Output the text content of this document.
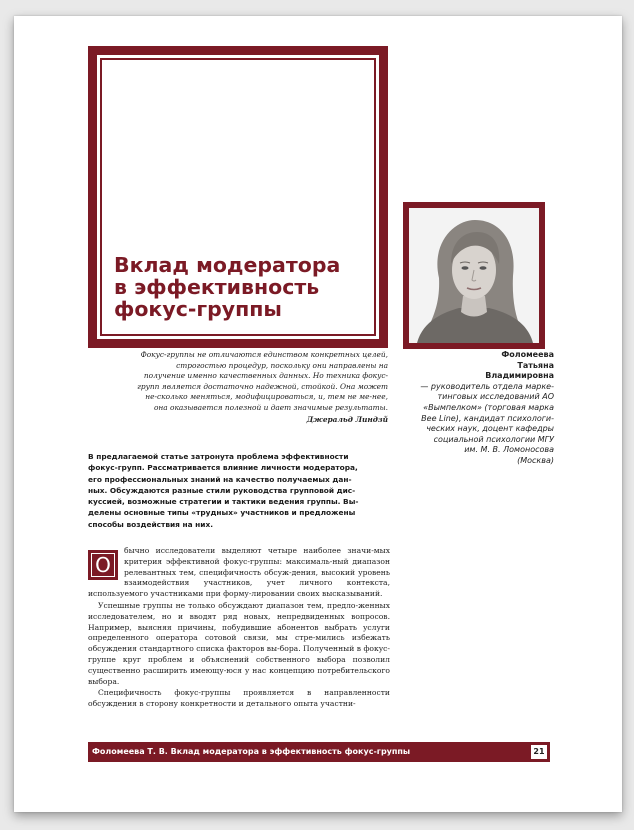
Вклад модератора
в эффективность
фокус-группы
Фокус-группы не отличаются единством конкретных целей, строгостью процедур, поскольку они направлены на получение именно качественных данных. Но техника фокус-групп является достаточно надежной, стойкой. Она может не-сколько меняться, модифицироваться, и, тем не ме-нее, она оказывается полезной и дает значимые результаты.
Джеральд Линдзй
Фоломеева
Татьяна
Владимировна
— руководитель отдела марке-
тинговых исследований АО
«Вымпелком» (торговая марка
Bee Line), кандидат психологи-
ческих наук, доцент кафедры
социальной психологии МГУ
им. М. В. Ломоносова
(Москва)
В предлагаемой статье затронута проблема эффективности
фокус-групп. Рассматривается влияние личности модератора,
его профессиональных знаний на качество получаемых дан-
ных. Обсуждаются разные стили руководства групповой дис-
куссией, возможные стратегии и тактики ведения группы. Вы-
делены основные типы «трудных» участников и предложены
способы воздействия на них.

О
бычно исследователи выделяют четыре наиболее значи-мых критерия эффективной фокус-группы: максималь-ный диапазон релевантных тем, специфичность обсуж-дения, высокий уровень взаимодействия участников, учет личного контекста, используемого участниками при форму-лировании своих высказываний.

Успешные группы не только обсуждают диапазон тем, предло-женных исследователем, но и вводят ряд новых, непредвиденных вопросов. Например, выясняя причины, побудившие абонентов выбрать услуги определенного оператора сотовой связи, мы стре-мились избежать обсуждения стандартного списка факторов вы-бора. Полученный в фокус-группе круг проблем и объяснений собственного выбора позволил существенно расширить имеющу-юся у нас концепцию потребительского выбора.

Специфичность фокус-группы проявляется в направленности обсуждения в сторону конкретности и детального опыта участни-

Фоломеева Т. В. Вклад модератора в эффективность фокус-группы	21
